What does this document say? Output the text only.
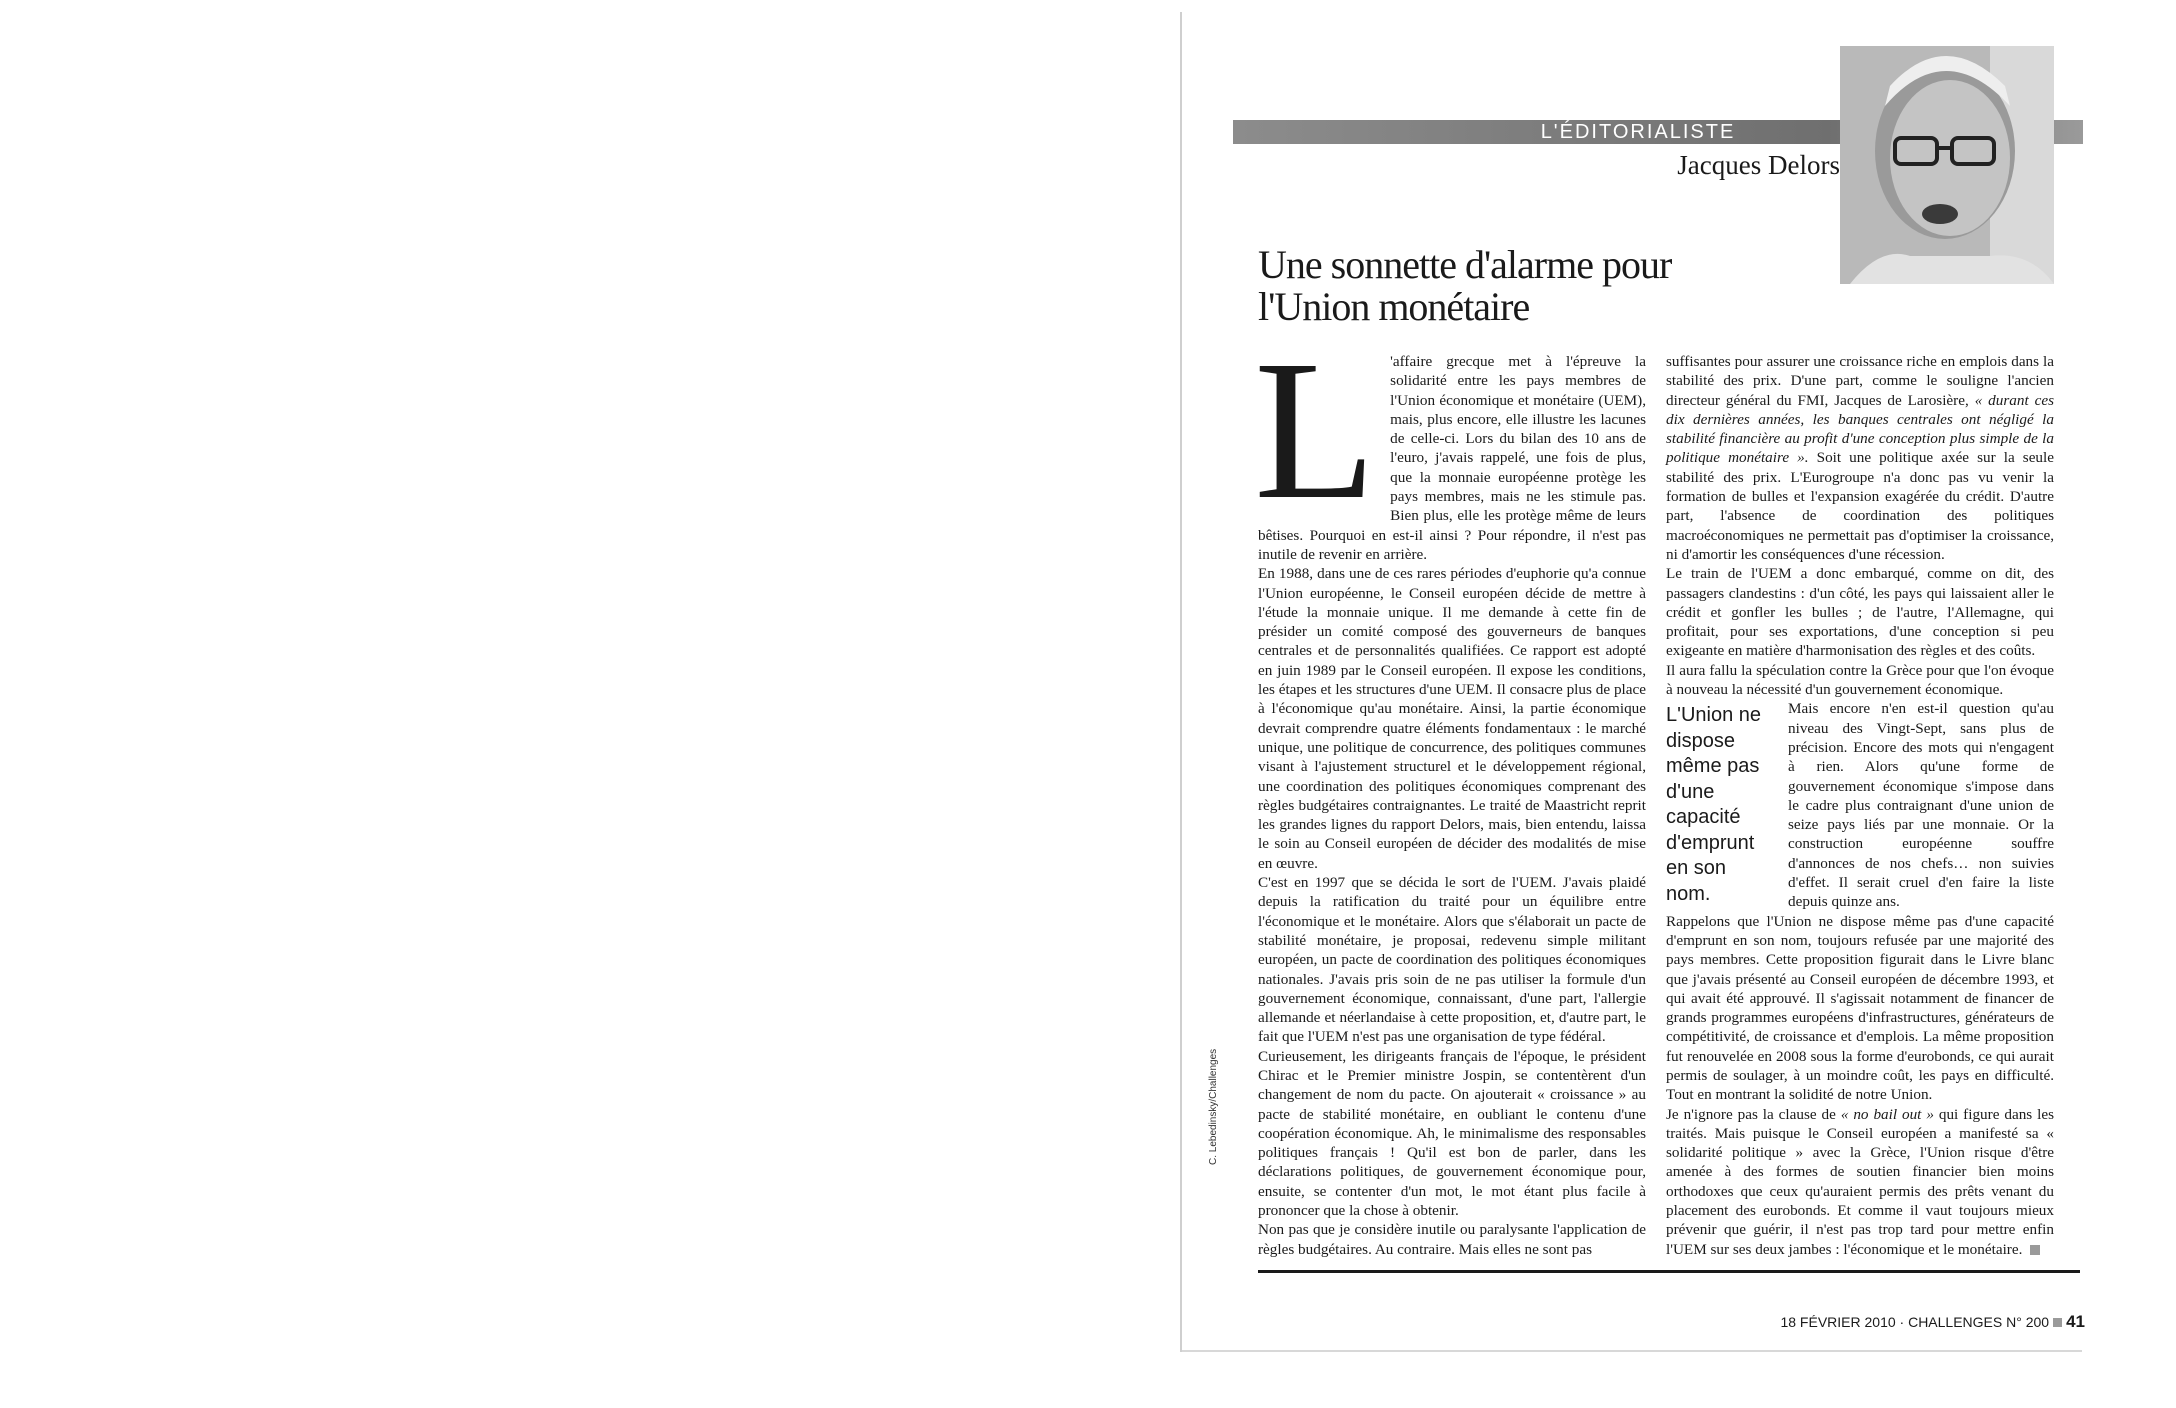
L'ÉDITORIALISTE
Jacques Delors
Une sonnette d'alarme pour
l'Union monétaire
L 'affaire grecque met à l'épreuve la solidarité entre les pays membres de l'Union économique et monétaire (UEM), mais, plus encore, elle illustre les lacunes de celle-ci. Lors du bilan des 10 ans de l'euro, j'avais rappelé, une fois de plus, que la monnaie européenne protège les pays membres, mais ne les stimule pas. Bien plus, elle les protège même de leurs bêtises. Pourquoi en est-il ainsi ? Pour répondre, il n'est pas inutile de revenir en arrière.

En 1988, dans une de ces rares périodes d'euphorie qu'a connue l'Union européenne, le Conseil européen décide de mettre à l'étude la monnaie unique. Il me demande à cette fin de présider un comité composé des gouverneurs de banques centrales et de personnalités qualifiées. Ce rapport est adopté en juin 1989 par le Conseil européen. Il expose les conditions, les étapes et les structures d'une UEM. Il consacre plus de place à l'économique qu'au monétaire. Ainsi, la partie économique devrait comprendre quatre éléments fondamentaux : le marché unique, une politique de concurrence, des politiques communes visant à l'ajustement structurel et le développement régional, une coordination des politiques économiques comprenant des règles budgétaires contraignantes. Le traité de Maastricht reprit les grandes lignes du rapport Delors, mais, bien entendu, laissa le soin au Conseil européen de décider des modalités de mise en œuvre.

C'est en 1997 que se décida le sort de l'UEM. J'avais plaidé depuis la ratification du traité pour un équilibre entre l'économique et le monétaire. Alors que s'élaborait un pacte de stabilité monétaire, je proposai, redevenu simple militant européen, un pacte de coordination des politiques économiques nationales. J'avais pris soin de ne pas utiliser la formule d'un gouvernement économique, connaissant, d'une part, l'allergie allemande et néerlandaise à cette proposition, et, d'autre part, le fait que l'UEM n'est pas une organisation de type fédéral.

Curieusement, les dirigeants français de l'époque, le président Chirac et le Premier ministre Jospin, se contentèrent d'un changement de nom du pacte. On ajouterait « croissance » au pacte de stabilité monétaire, en oubliant le contenu d'une coopération économique. Ah, le minimalisme des responsables politiques français ! Qu'il est bon de parler, dans les déclarations politiques, de gouvernement économique pour, ensuite, se contenter d'un mot, le mot étant plus facile à prononcer que la chose à obtenir.

Non pas que je considère inutile ou paralysante l'application de règles budgétaires. Au contraire. Mais elles ne sont pas

suffisantes pour assurer une croissance riche en emplois dans la stabilité des prix. D'une part, comme le souligne l'ancien directeur général du FMI, Jacques de Larosière, « durant ces dix dernières années, les banques centrales ont négligé la stabilité financière au profit d'une conception plus simple de la politique monétaire ». Soit une politique axée sur la seule stabilité des prix. L'Eurogroupe n'a donc pas vu venir la formation de bulles et l'expansion exagérée du crédit. D'autre part, l'absence de coordination des politiques macroéconomiques ne permettait pas d'optimiser la croissance, ni d'amortir les conséquences d'une récession.

Le train de l'UEM a donc embarqué, comme on dit, des passagers clandestins : d'un côté, les pays qui laissaient aller le crédit et gonfler les bulles ; de l'autre, l'Allemagne, qui profitait, pour ses exportations, d'une conception si peu exigeante en matière d'harmonisation des règles et des coûts.

Il aura fallu la spéculation contre la Grèce pour que l'on évoque à nouveau la nécessité d'un gouvernement économique.

L'Union ne dispose même pas d'une capacité d'emprunt en son nom.

Mais encore n'en est-il question qu'au niveau des Vingt-Sept, sans plus de précision. Encore des mots qui n'engagent à rien. Alors qu'une forme de gouvernement économique s'impose dans le cadre plus contraignant d'une union de seize pays liés par une monnaie. Or la construction européenne souffre d'annonces de nos chefs… non suivies d'effet. Il serait cruel d'en faire la liste depuis quinze ans.

Rappelons que l'Union ne dispose même pas d'une capacité d'emprunt en son nom, toujours refusée par une majorité des pays membres. Cette proposition figurait dans le Livre blanc que j'avais présenté au Conseil européen de décembre 1993, et qui avait été approuvé. Il s'agissait notamment de financer de grands programmes européens d'infrastructures, générateurs de compétitivité, de croissance et d'emplois. La même proposition fut renouvelée en 2008 sous la forme d'eurobonds, ce qui aurait permis de soulager, à un moindre coût, les pays en difficulté. Tout en montrant la solidité de notre Union.

Je n'ignore pas la clause de « no bail out » qui figure dans les traités. Mais puisque le Conseil européen a manifesté sa « solidarité politique » avec la Grèce, l'Union risque d'être amenée à des formes de soutien financier bien moins orthodoxes que ceux qu'auraient permis des prêts venant du placement des eurobonds. Et comme il vaut toujours mieux prévenir que guérir, il n'est pas trop tard pour mettre enfin l'UEM sur ses deux jambes : l'économique et le monétaire.

C. Lebedinsky/Challenges
18 FÉVRIER 2010 · CHALLENGES N° 200 41
